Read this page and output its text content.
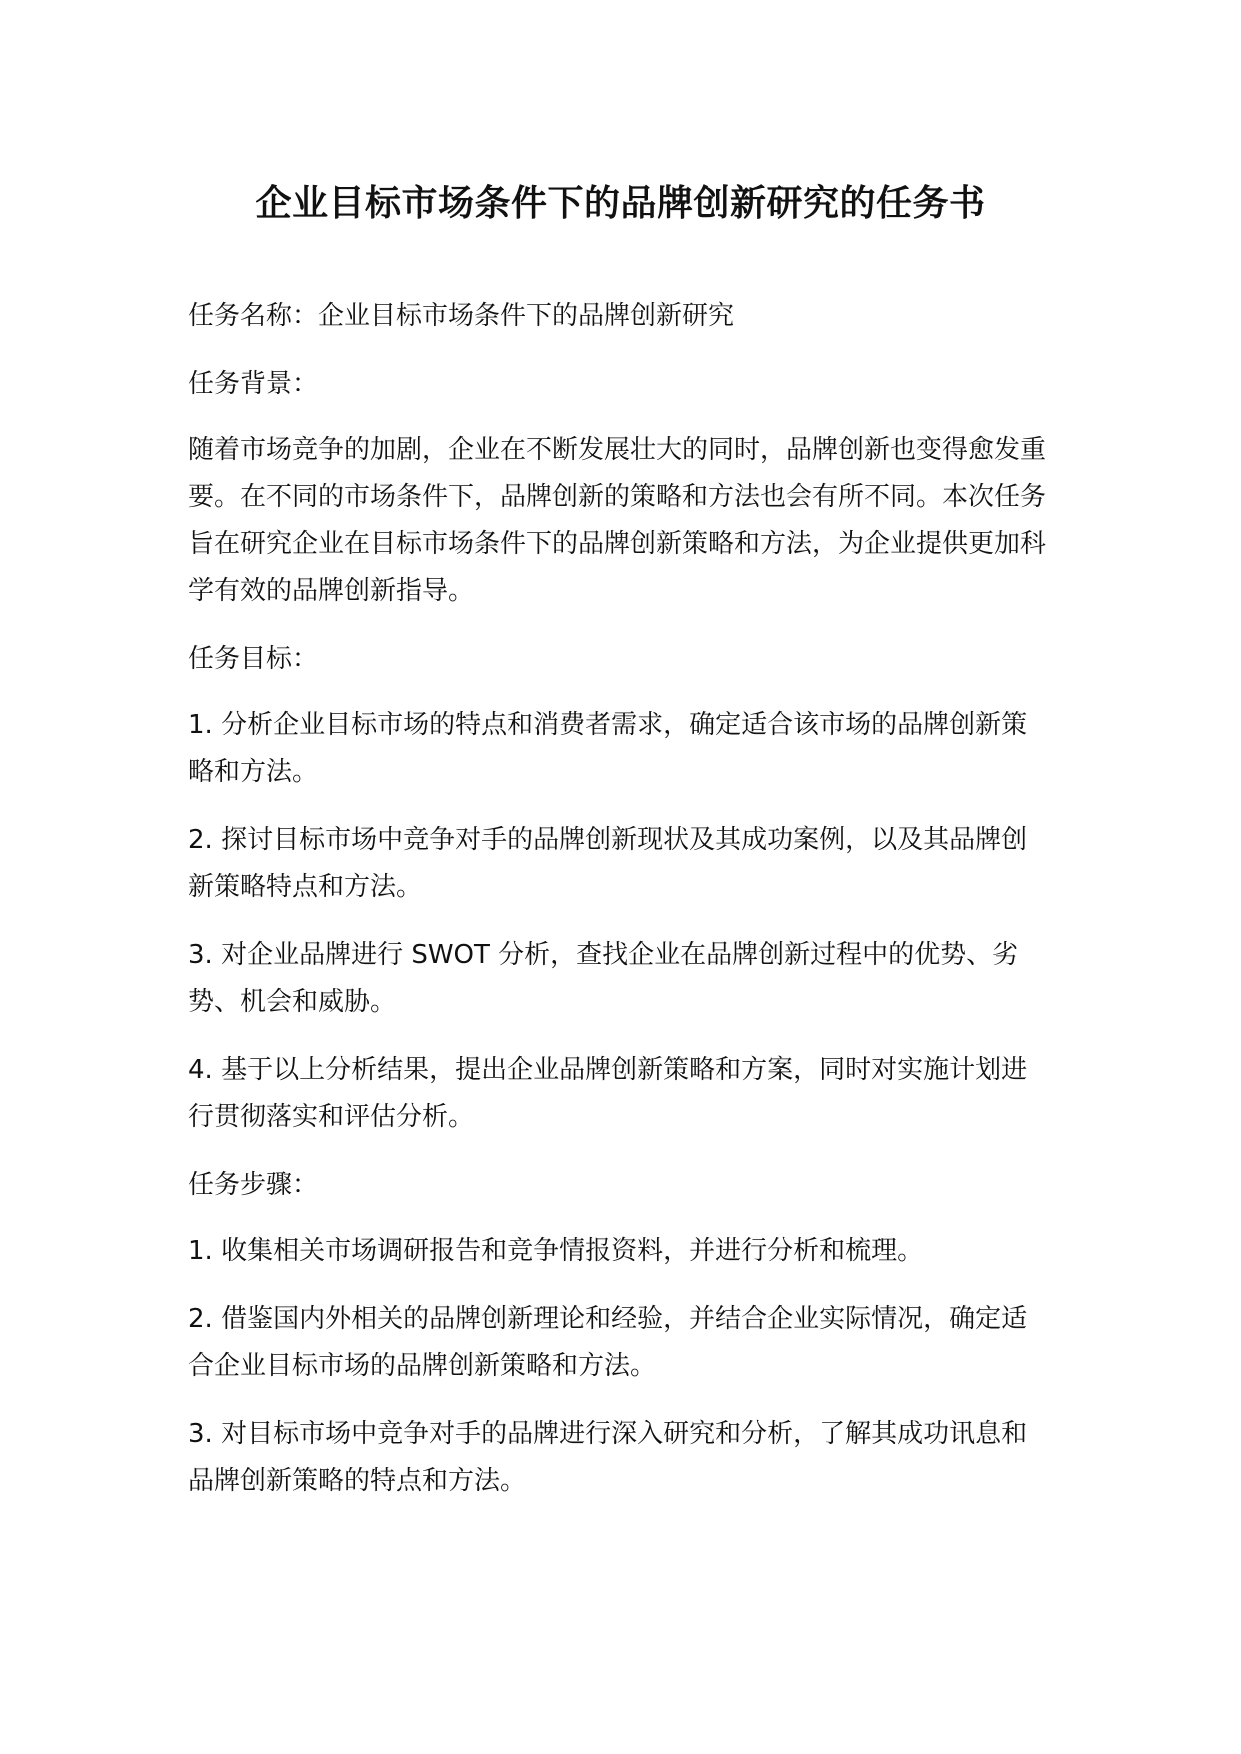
企业目标市场条件下的品牌创新研究的任务书

任务名称：企业目标市场条件下的品牌创新研究

任务背景：

随着市场竞争的加剧，企业在不断发展壮大的同时，品牌创新也变得愈发重要。在不同的市场条件下，品牌创新的策略和方法也会有所不同。本次任务旨在研究企业在目标市场条件下的品牌创新策略和方法，为企业提供更加科学有效的品牌创新指导。

任务目标：

1. 分析企业目标市场的特点和消费者需求，确定适合该市场的品牌创新策略和方法。

2. 探讨目标市场中竞争对手的品牌创新现状及其成功案例，以及其品牌创新策略特点和方法。

3. 对企业品牌进行 SWOT 分析，查找企业在品牌创新过程中的优势、劣势、机会和威胁。

4. 基于以上分析结果，提出企业品牌创新策略和方案，同时对实施计划进行贯彻落实和评估分析。

任务步骤：

1. 收集相关市场调研报告和竞争情报资料，并进行分析和梳理。

2. 借鉴国内外相关的品牌创新理论和经验，并结合企业实际情况，确定适合企业目标市场的品牌创新策略和方法。

3. 对目标市场中竞争对手的品牌进行深入研究和分析，了解其成功讯息和品牌创新策略的特点和方法。
